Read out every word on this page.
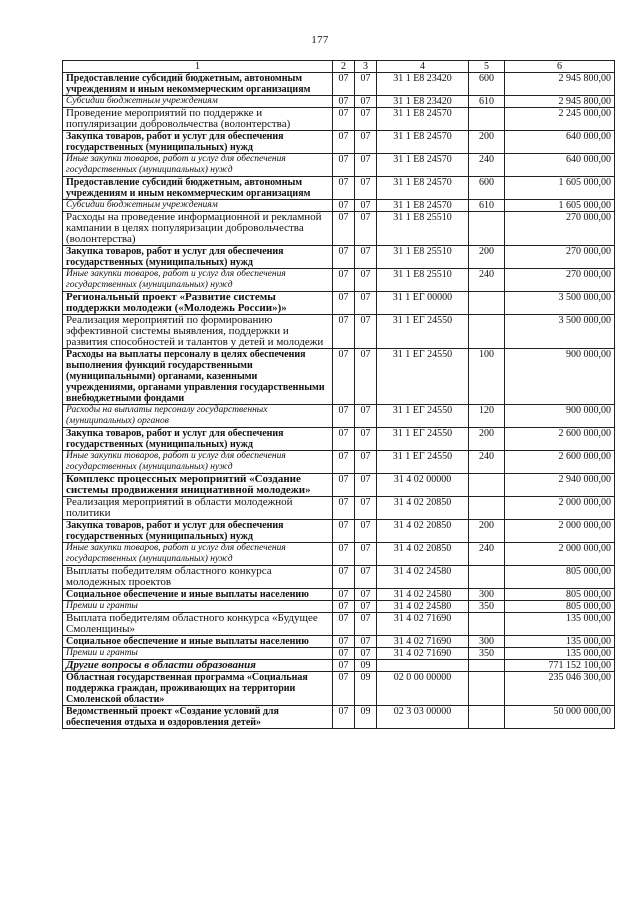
177
1	2	3	4	5	6
Предоставление субсидий бюджетным, автономным учреждениям и иным некоммерческим организациям	07	07	31 1 E8 23420	600	2 945 800,00
Субсидии бюджетным учреждениям	07	07	31 1 E8 23420	610	2 945 800,00
Проведение мероприятий по поддержке и популяризации добровольчества (волонтерства)	07	07	31 1 E8 24570		2 245 000,00
Закупка товаров, работ и услуг для обеспечения государственных (муниципальных) нужд	07	07	31 1 E8 24570	200	640 000,00
Иные закупки товаров, работ и услуг для обеспечения государственных (муниципальных) нужд	07	07	31 1 E8 24570	240	640 000,00
Предоставление субсидий бюджетным, автономным учреждениям и иным некоммерческим организациям	07	07	31 1 E8 24570	600	1 605 000,00
Субсидии бюджетным учреждениям	07	07	31 1 E8 24570	610	1 605 000,00
Расходы на проведение информационной и рекламной кампании в целях популяризации добровольчества (волонтерства)	07	07	31 1 E8 25510		270 000,00
Закупка товаров, работ и услуг для обеспечения государственных (муниципальных) нужд	07	07	31 1 E8 25510	200	270 000,00
Иные закупки товаров, работ и услуг для обеспечения государственных (муниципальных) нужд	07	07	31 1 E8 25510	240	270 000,00
Региональный проект «Развитие системы поддержки молодежи («Молодежь России»)»	07	07	31 1 ЕГ 00000		3 500 000,00
Реализация мероприятий по формированию эффективной системы выявления, поддержки и развития способностей и талантов у детей и молодежи	07	07	31 1 ЕГ 24550		3 500 000,00
Расходы на выплаты персоналу в целях обеспечения выполнения функций государственными (муниципальными) органами, казенными учреждениями, органами управления государственными внебюджетными фондами	07	07	31 1 ЕГ 24550	100	900 000,00
Расходы на выплаты персоналу государственных (муниципальных) органов	07	07	31 1 ЕГ 24550	120	900 000,00
Закупка товаров, работ и услуг для обеспечения государственных (муниципальных) нужд	07	07	31 1 ЕГ 24550	200	2 600 000,00
Иные закупки товаров, работ и услуг для обеспечения государственных (муниципальных) нужд	07	07	31 1 ЕГ 24550	240	2 600 000,00
Комплекс процессных мероприятий «Создание системы продвижения инициативной молодежи»	07	07	31 4 02 00000		2 940 000,00
Реализация мероприятий в области молодежной политики	07	07	31 4 02 20850		2 000 000,00
Закупка товаров, работ и услуг для обеспечения государственных (муниципальных) нужд	07	07	31 4 02 20850	200	2 000 000,00
Иные закупки товаров, работ и услуг для обеспечения государственных (муниципальных) нужд	07	07	31 4 02 20850	240	2 000 000,00
Выплаты победителям областного конкурса молодежных проектов	07	07	31 4 02 24580		805 000,00
Социальное обеспечение и иные выплаты населению	07	07	31 4 02 24580	300	805 000,00
Премии и гранты	07	07	31 4 02 24580	350	805 000,00
Выплата победителям областного конкурса «Будущее Смоленщины»	07	07	31 4 02 71690		135 000,00
Социальное обеспечение и иные выплаты населению	07	07	31 4 02 71690	300	135 000,00
Премии и гранты	07	07	31 4 02 71690	350	135 000,00
Другие вопросы в области образования	07	09			771 152 100,00
Областная государственная программа «Социальная поддержка граждан, проживающих на территории Смоленской области»	07	09	02 0 00 00000		235 046 300,00
Ведомственный проект «Создание условий для обеспечения отдыха и оздоровления детей»	07	09	02 3 03 00000		50 000 000,00
